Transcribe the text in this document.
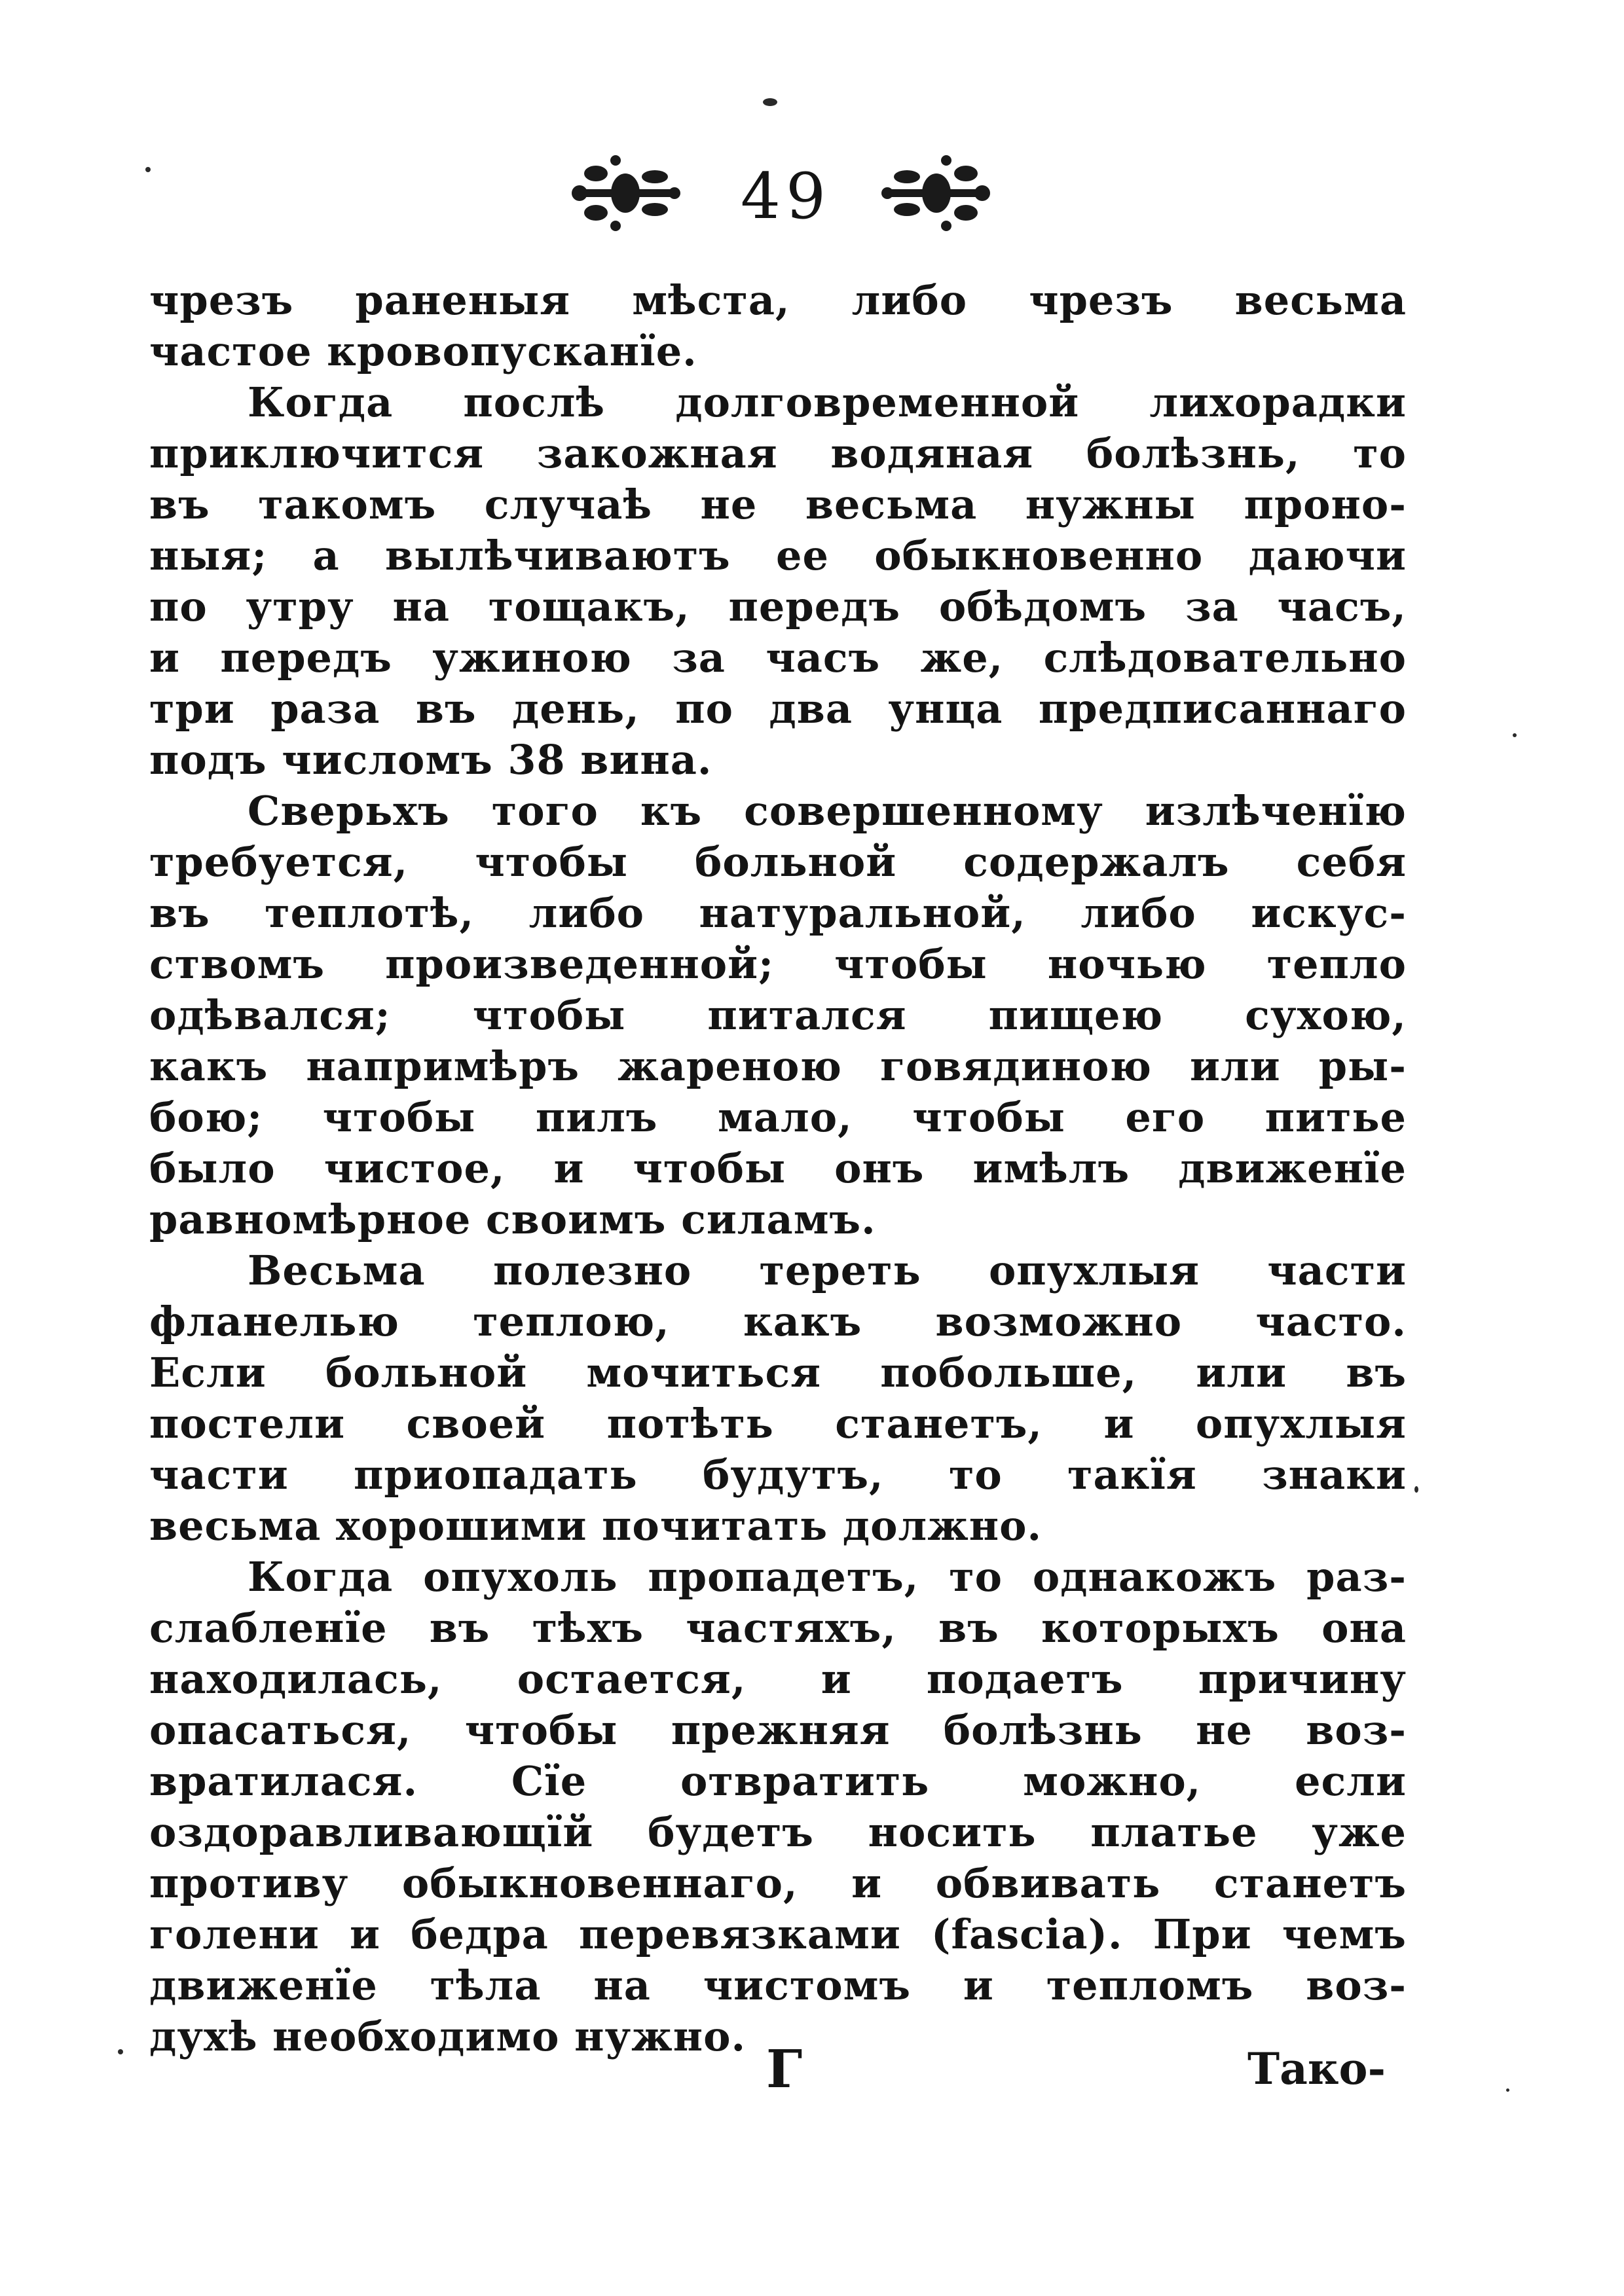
49
чрезъ раненыя мѣста, либо чрезъ весьма
частое кровопусканїе.
Когда послѣ долговременной лихорадки
приключится закожная водяная болѣзнь, то
въ такомъ случаѣ не весьма нужны проно-
ныя; а вылѣчиваютъ ее обыкновенно даючи
по утру на тощакъ, передъ обѣдомъ за часъ,
и передъ ужиною за часъ же, слѣдовательно
три раза въ день, по два унца предписаннаго
подъ числомъ 38 вина.
Сверьхъ того къ совершенному излѣченїю
требуется, чтобы больной содержалъ себя
въ теплотѣ, либо натуральной, либо искус-
ствомъ произведенной; чтобы ночью тепло
одѣвался; чтобы питался пищею сухою,
какъ напримѣръ жареною говядиною или ры-
бою; чтобы пилъ мало, чтобы его питье
было чистое, и чтобы онъ имѣлъ движенїе
равномѣрное своимъ силамъ.
Весьма полезно тереть опухлыя части
фланелью теплою, какъ возможно часто.
Если больной мочиться побольше, или въ
постели своей потѣть станетъ, и опухлыя
части приопадать будутъ, то такїя знаки
весьма хорошими почитать должно.
Когда опухоль пропадетъ, то однакожъ раз-
слабленїе въ тѣхъ частяхъ, въ которыхъ она
находилась, остается, и подаетъ причину
опасаться, чтобы прежняя болѣзнь не воз-
вратилася. Сїе отвратить можно, если
оздоравливающїй будетъ носить платье уже
противу обыкновеннаго, и обвивать станетъ
голени и бедра перевязками (fascia). При чемъ
движенїе тѣла на чистомъ и тепломъ воз-
духѣ необходимо нужно.
Г	Тако-
